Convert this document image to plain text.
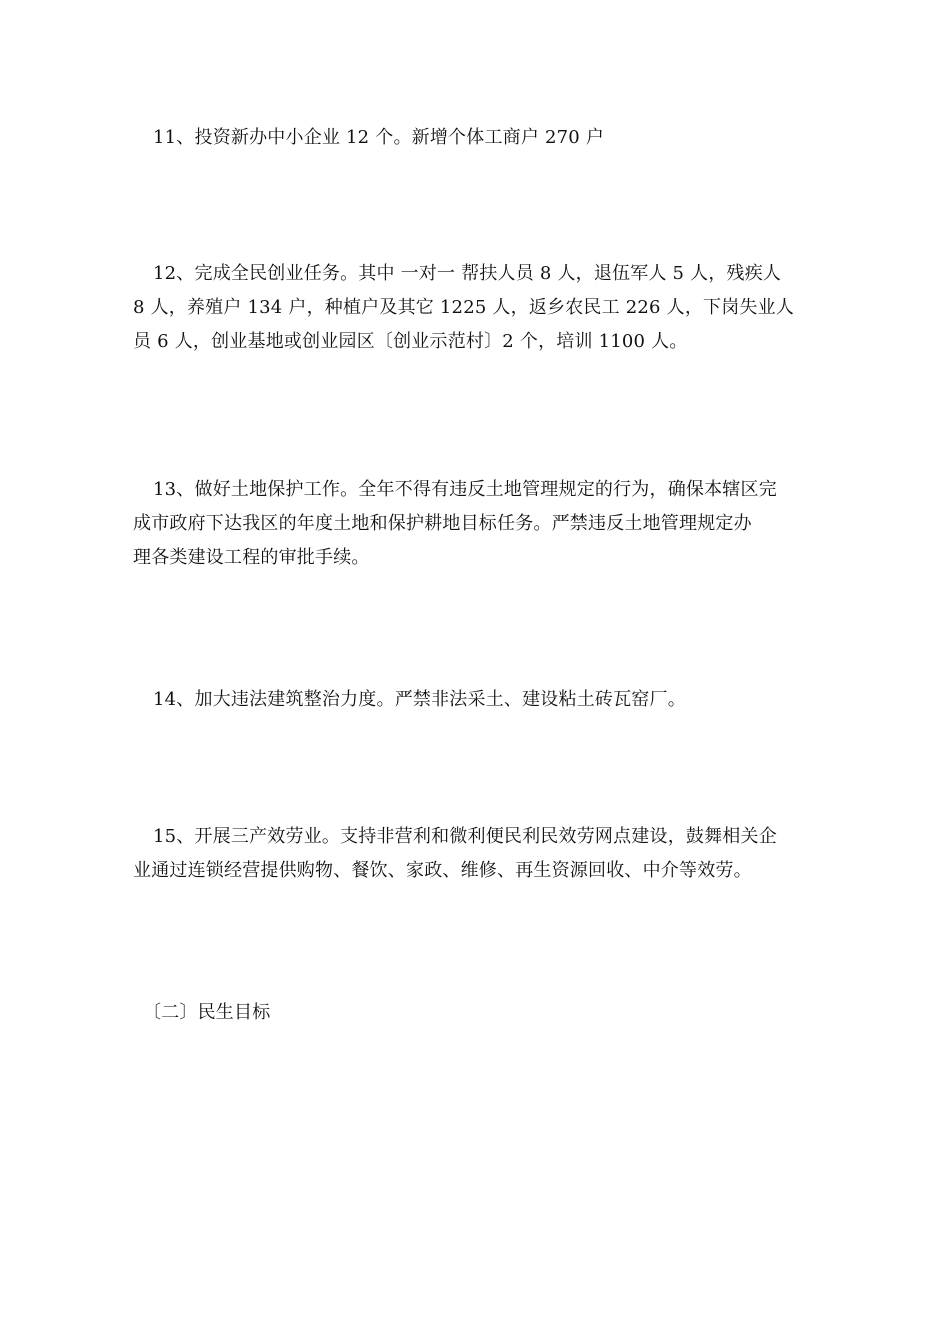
11、投资新办中小企业 12 个。新增个体工商户 270 户

12、完成全民创业任务。其中 一对一 帮扶人员 8 人，退伍军人 5 人，残疾人
8 人，养殖户 134 户，种植户及其它 1225 人，返乡农民工 226 人，下岗失业人
员 6 人，创业基地或创业园区〔创业示范村〕2 个，培训 1100 人。

13、做好土地保护工作。全年不得有违反土地管理规定的行为，确保本辖区完
成市政府下达我区的年度土地和保护耕地目标任务。严禁违反土地管理规定办
理各类建设工程的审批手续。

14、加大违法建筑整治力度。严禁非法采土、建设粘土砖瓦窑厂。

15、开展三产效劳业。支持非营利和微利便民利民效劳网点建设，鼓舞相关企
业通过连锁经营提供购物、餐饮、家政、维修、再生资源回收、中介等效劳。

〔二〕民生目标
